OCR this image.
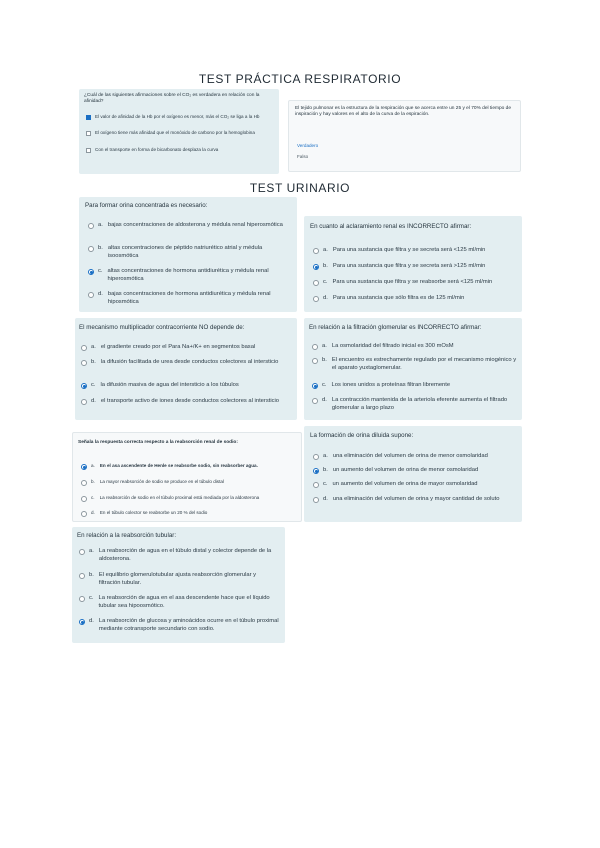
TEST PRÁCTICA RESPIRATORIO
¿Cuál de las siguientes afirmaciones sobre el CO₂ es verdadera en relación con la afinidad?
El valor de afinidad de la Hb por el oxígeno es menor, más el CO₂ se liga a la Hb
El oxígeno tiene más afinidad que el monóxido de carbono por la hemoglobina
Con el transporte en forma de bicarbonato desplaza la curva
El tejido pulmonar es la estructura de la respiración que se acerca entre un 25 y el 70% del tiempo de inspiración y hay valores en el alto de la curva de la espiración.
Verdadero
Falso
TEST URINARIO
Para formar orina concentrada es necesario:
a. bajas concentraciones de aldosterona y médula renal hiperosmótica
b. altas concentraciones de péptido natriurético atrial y médula isoosmótica
c. altas concentraciones de hormona antidiurética y médula renal hiperosmótica
d. bajas concentraciones de hormona antidiurética y médula renal hiposmótica
En cuanto al aclaramiento renal es INCORRECTO afirmar:
a. Para una sustancia que filtra y se secreta será <125 ml/min
b. Para una sustancia que filtra y se secreta será >125 ml/min
c. Para una sustancia que filtra y se reabsorbe será <125 ml/min
d. Para una sustancia que sólo filtra es de 125 ml/min
El mecanismo multiplicador contracorriente NO depende de:
a. el gradiente creado por el Para Na+/K+ en segmentos basal
b. la difusión facilitada de urea desde conductos colectores al intersticio
c. la difusión masiva de agua del intersticio a los túbulos
d. el transporte activo de iones desde conductos colectores al intersticio
En relación a la filtración glomerular es INCORRECTO afirmar:
a. La osmolaridad del filtrado inicial es 300 mOsM
b. El encuentro es estrechamente regulado por el mecanismo miogénico y el aparato yuxtaglomerular.
c. Los iones unidos a proteínas filtran libremente
d. La contracción mantenida de la arteriola eferente aumenta el filtrado glomerular a largo plazo
Señala la respuesta correcta respecto a la reabsorción renal de sodio:
a. En el asa ascendente de Henle se reabsorbe sodio, sin reabsorber agua.
b. La mayor reabsorción de sodio se produce en el túbulo distal
c. La reabsorción de sodio en el túbulo proximal está mediada por la aldosterona
d. En el túbulo colector se reabsorbe un 20 % del sodio
La formación de orina diluida supone:
a. una eliminación del volumen de orina de menor osmolaridad
b. un aumento del volumen de orina de menor osmolaridad
c. un aumento del volumen de orina de mayor osmolaridad
d. una eliminación del volumen de orina y mayor cantidad de soluto
En relación a la reabsorción tubular:
a. La reabsorción de agua en el túbulo distal y colector depende de la aldosterona.
b. El equilibrio glomerulotubular ajusta reabsorción glomerular y filtración tubular.
c. La reabsorción de agua en el asa descendente hace que el líquido tubular sea hipoosmótico.
d. La reabsorción de glucosa y aminoácidos ocurre en el túbulo proximal mediante cotransporte secundario con sodio.
